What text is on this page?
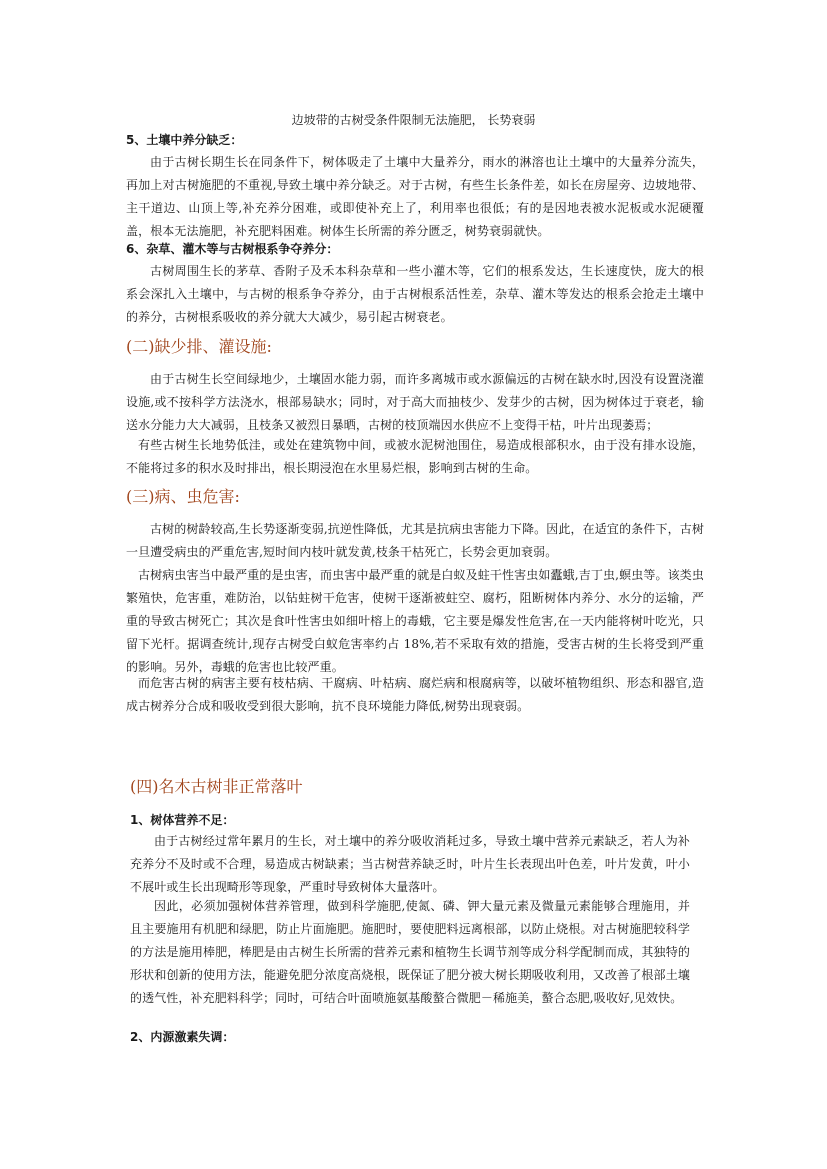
边坡带的古树受条件限制无法施肥， 长势衰弱
5、土壤中养分缺乏：

由于古树长期生长在同条件下，树体吸走了土壤中大量养分，雨水的淋溶也让土壤中的大量养分流失，再加上对古树施肥的不重视,导致土壤中养分缺乏。对于古树，有些生长条件差，如长在房屋旁、边坡地带、主干道边、山顶上等,补充养分困难，或即使补充上了，利用率也很低；有的是因地表被水泥板或水泥硬覆盖，根本无法施肥，补充肥料困难。树体生长所需的养分匮乏，树势衰弱就快。

6、杂草、灌木等与古树根系争夺养分：

古树周围生长的茅草、香附子及禾本科杂草和一些小灌木等，它们的根系发达，生长速度快，庞大的根系会深扎入土壤中，与古树的根系争夺养分，由于古树根系活性差，杂草、灌木等发达的根系会抢走土壤中的养分，古树根系吸收的养分就大大减少，易引起古树衰老。

(二)缺少排、灌设施:

由于古树生长空间绿地少，土壤固水能力弱，而许多离城市或水源偏远的古树在缺水时,因没有设置浇灌设施,或不按科学方法浇水，根部易缺水；同时，对于高大而抽枝少、发芽少的古树，因为树体过于衰老，输送水分能力大大减弱，且枝条又被烈日暴晒，古树的枝顶端因水供应不上变得干枯，叶片出现萎焉；

有些古树生长地势低洼，或处在建筑物中间，或被水泥树池围住，易造成根部积水，由于没有排水设施，不能将过多的积水及时排出，根长期浸泡在水里易烂根，影响到古树的生命。

(三)病、虫危害:

古树的树龄较高,生长势逐渐变弱,抗逆性降低，尤其是抗病虫害能力下降。因此，在适宜的条件下，古树一旦遭受病虫的严重危害,短时间内枝叶就发黄,枝条干枯死亡，长势会更加衰弱。

古树病虫害当中最严重的是虫害，而虫害中最严重的就是白蚁及蛀干性害虫如蠹蛾,吉丁虫,螟虫等。该类虫繁殖快，危害重，难防治，以钻蛀树干危害，使树干逐渐被蛀空、腐朽，阻断树体内养分、水分的运输，严重的导致古树死亡；其次是食叶性害虫如细叶榕上的毒蛾，它主要是爆发性危害,在一天内能将树叶吃光，只留下光杆。据调查统计,现存古树受白蚁危害率约占 18%,若不采取有效的措施，受害古树的生长将受到严重的影响。另外，毒蛾的危害也比较严重。

而危害古树的病害主要有枝枯病、干腐病、叶枯病、腐烂病和根腐病等，以破坏植物组织、形态和器官,造成古树养分合成和吸收受到很大影响，抗不良环境能力降低,树势出现衰弱。

(四)名木古树非正常落叶
1、树体营养不足：

由于古树经过常年累月的生长，对土壤中的养分吸收消耗过多，导致土壤中营养元素缺乏，若人为补充养分不及时或不合理，易造成古树缺素；当古树营养缺乏时，叶片生长表现出叶色差，叶片发黄，叶小不展叶或生长出现畸形等现象，严重时导致树体大量落叶。

因此，必须加强树体营养管理，做到科学施肥,使氮、磷、钾大量元素及微量元素能够合理施用，并且主要施用有机肥和绿肥，防止片面施肥。施肥时，要使肥料远离根部，以防止烧根。对古树施肥较科学的方法是施用棒肥，棒肥是由古树生长所需的营养元素和植物生长调节剂等成分科学配制而成，其独特的形状和创新的使用方法，能避免肥分浓度高烧根，既保证了肥分被大树长期吸收利用，又改善了根部土壤的透气性，补充肥料科学；同时，可结合叶面喷施氨基酸螯合微肥－稀施美，螯合态肥,吸收好,见效快。

2、内源激素失调：
